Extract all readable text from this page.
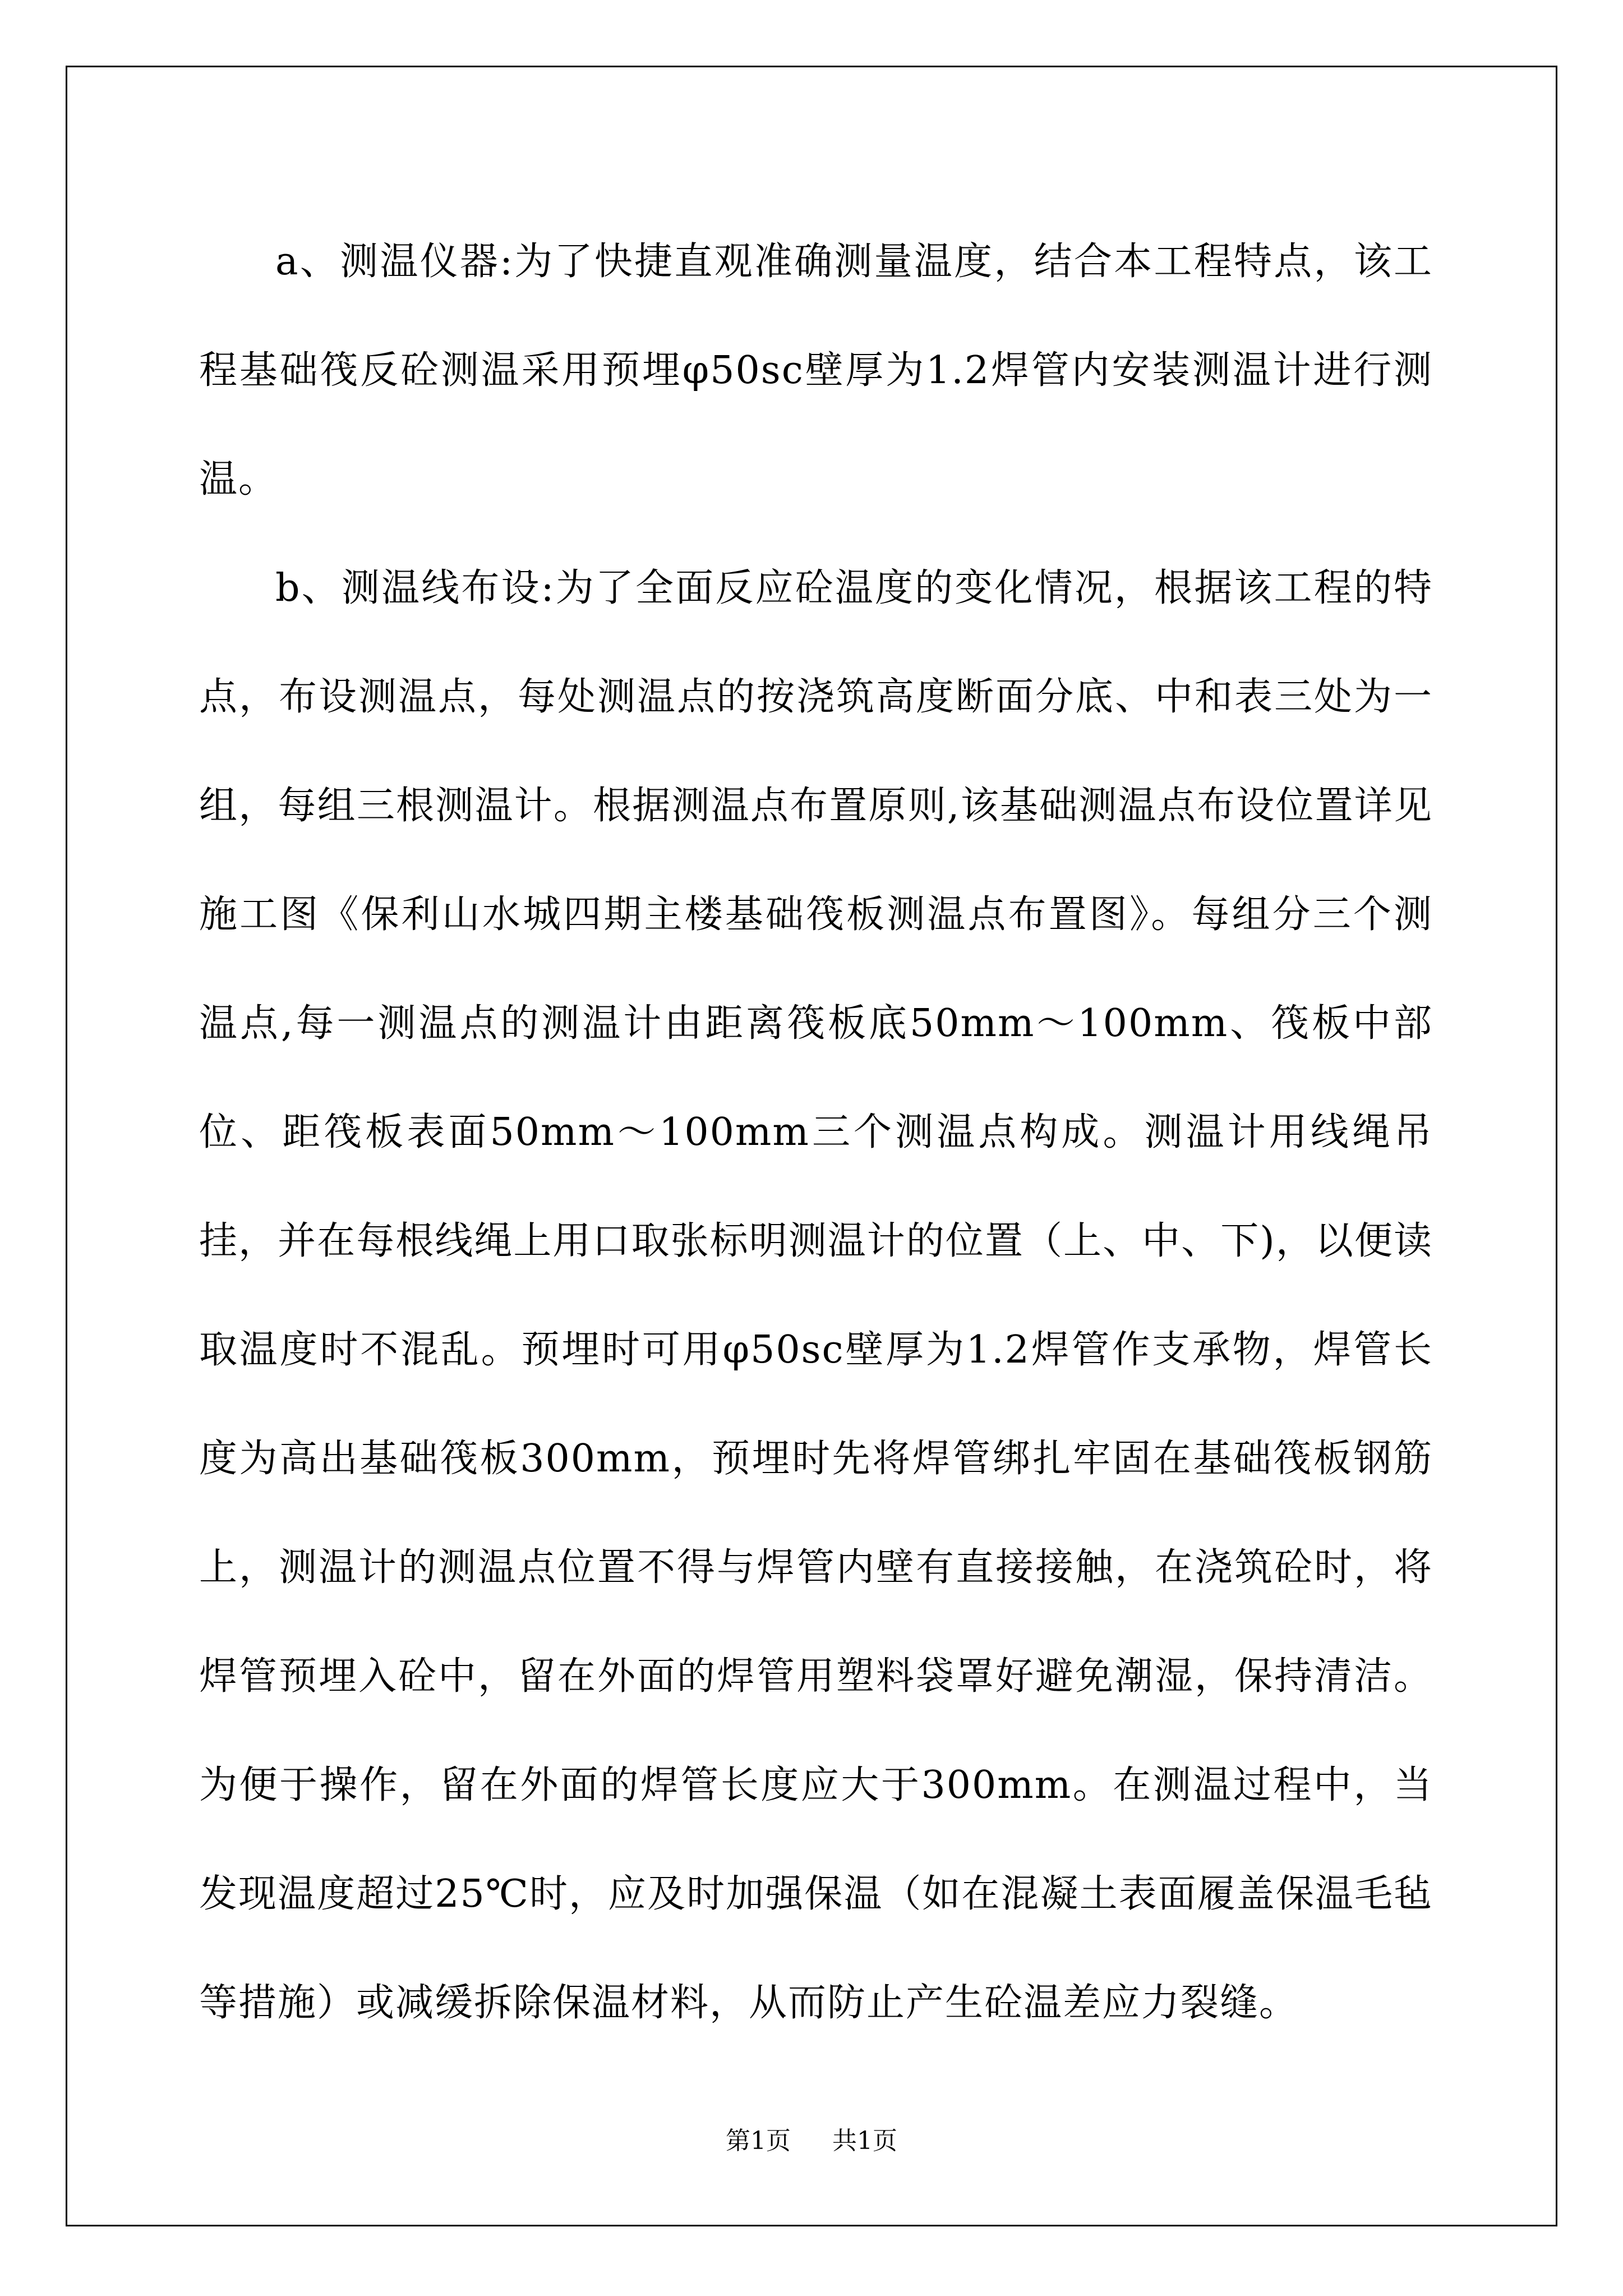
a、测温仪器:为了快捷直观准确测量温度，结合本工程特点，该工程基础筏反砼测温采用预埋φ50sc壁厚为1.2焊管内安装测温计进行测温。

b、测温线布设:为了全面反应砼温度的变化情况，根据该工程的特点，布设测温点，每处测温点的按浇筑高度断面分底、中和表三处为一组，每组三根测温计。根据测温点布置原则,该基础测温点布设位置详见施工图《保利山水城四期主楼基础筏板测温点布置图》。每组分三个测温点,每一测温点的测温计由距离筏板底50mm～100mm、筏板中部位、距筏板表面50mm～100mm三个测温点构成。测温计用线绳吊挂，并在每根线绳上用口取张标明测温计的位置（上、中、下)，以便读取温度时不混乱。预埋时可用φ50sc壁厚为1.2焊管作支承物，焊管长度为高出基础筏板300mm，预埋时先将焊管绑扎牢固在基础筏板钢筋上，测温计的测温点位置不得与焊管内壁有直接接触，在浇筑砼时，将焊管预埋入砼中，留在外面的焊管用塑料袋罩好避免潮湿，保持清洁。为便于操作，留在外面的焊管长度应大于300mm。在测温过程中，当发现温度超过25℃时，应及时加强保温（如在混凝土表面履盖保温毛毡等措施）或减缓拆除保温材料，从而防止产生砼温差应力裂缝。

第1页 共1页
